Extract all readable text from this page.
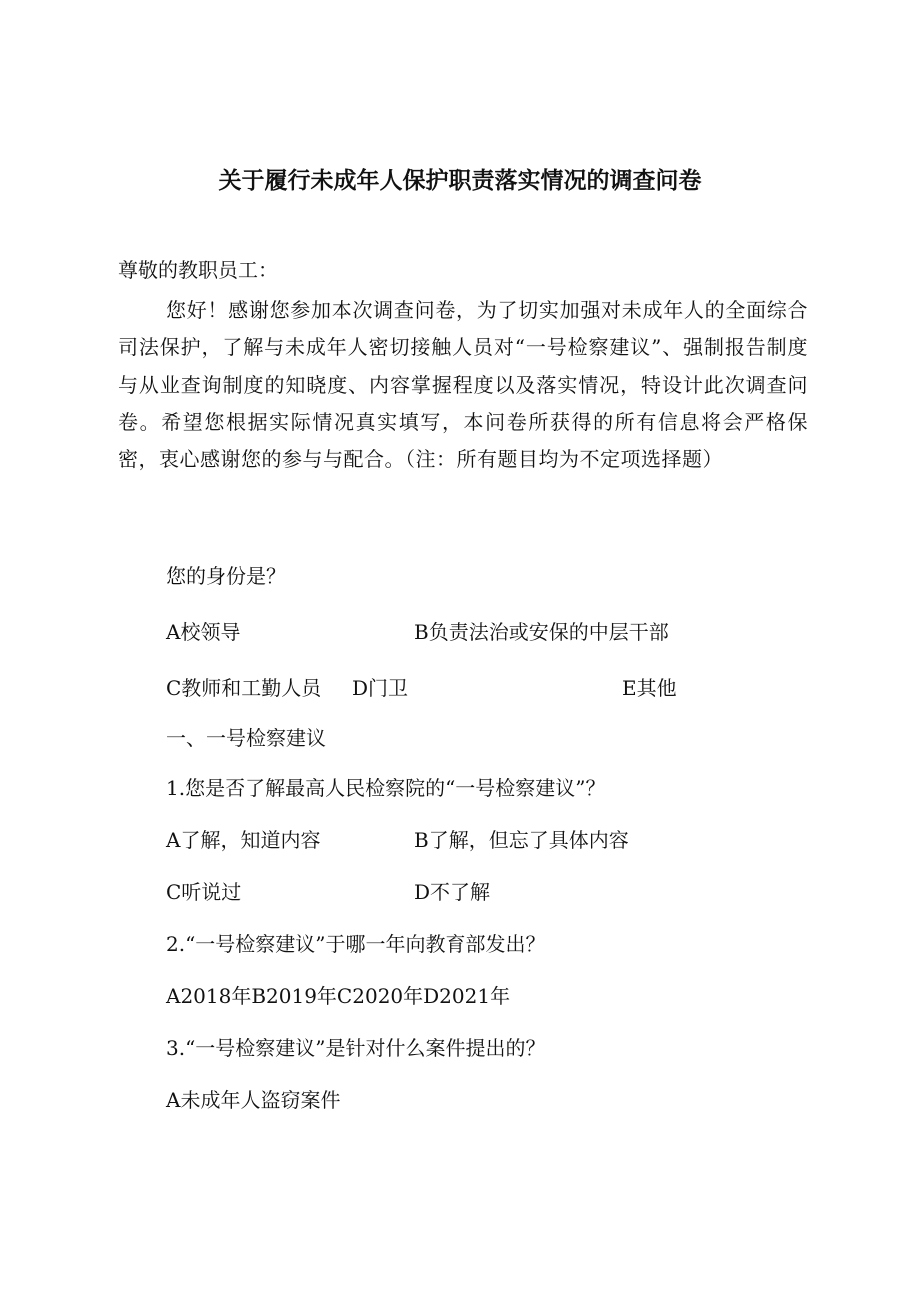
关于履行未成年人保护职责落实情况的调查问卷
尊敬的教职员工：
您好！感谢您参加本次调查问卷，为了切实加强对未成年人的全面综合司法保护，了解与未成年人密切接触人员对“一号检察建议”、强制报告制度与从业查询制度的知晓度、内容掌握程度以及落实情况，特设计此次调查问卷。希望您根据实际情况真实填写，本问卷所获得的所有信息将会严格保密，衷心感谢您的参与与配合。（注：所有题目均为不定项选择题）
您的身份是？
A校领导	B负责法治或安保的中层干部
C教师和工勤人员 D门卫	E其他
一、一号检察建议
1.您是否了解最高人民检察院的“一号检察建议”？
A了解，知道内容	B了解，但忘了具体内容
C听说过	D不了解
2.“一号检察建议”于哪一年向教育部发出？
A2018年B2019年C2020年D2021年
3.“一号检察建议”是针对什么案件提出的？
A未成年人盗窃案件
